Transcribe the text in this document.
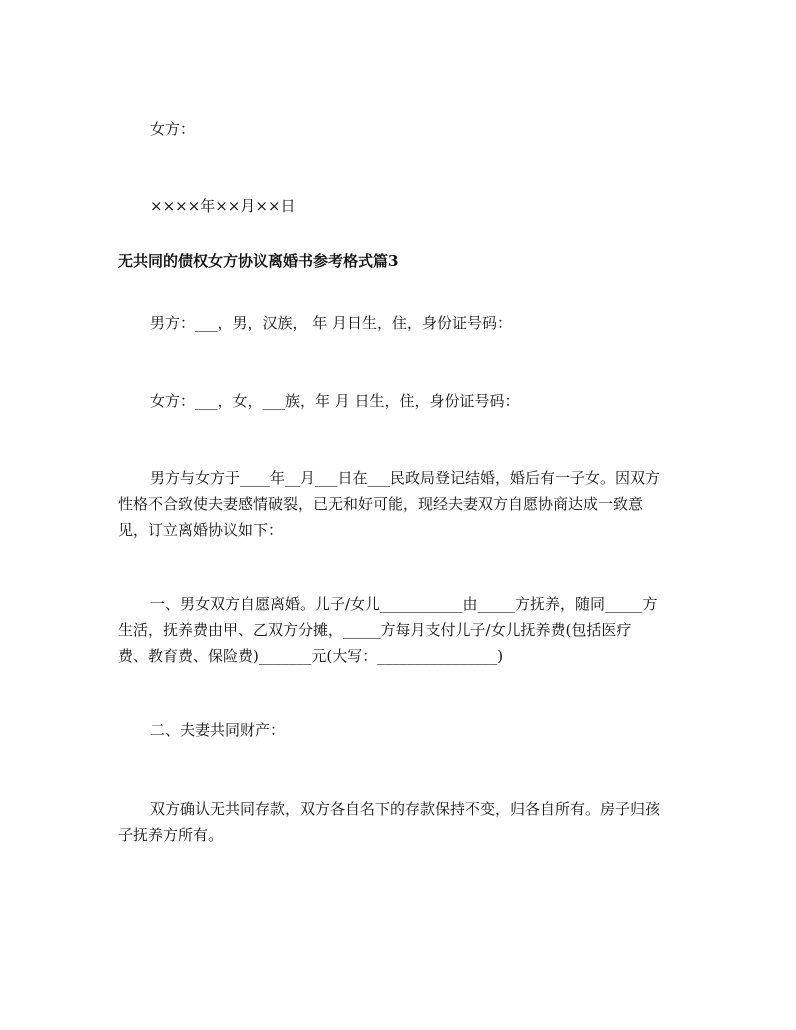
女方：

××××年××月××日

无共同的债权女方协议离婚书参考格式篇3

男方：___，男，汉族， 年 月日生，住，身份证号码：

女方：___，女，___族，年 月 日生，住，身份证号码：

男方与女方于____年__月___日在___民政局登记结婚，婚后有一子女。因双方
性格不合致使夫妻感情破裂，已无和好可能，现经夫妻双方自愿协商达成一致意
见，订立离婚协议如下：
一、男女双方自愿离婚。儿子/女儿___________由_____方抚养，随同_____方
生活，抚养费由甲、乙双方分摊，_____方每月支付儿子/女儿抚养费(包括医疗
费、教育费、保险费)_______元(大写：________________)

二、夫妻共同财产：

双方确认无共同存款，双方各自名下的存款保持不变，归各自所有。房子归孩
子抚养方所有。
